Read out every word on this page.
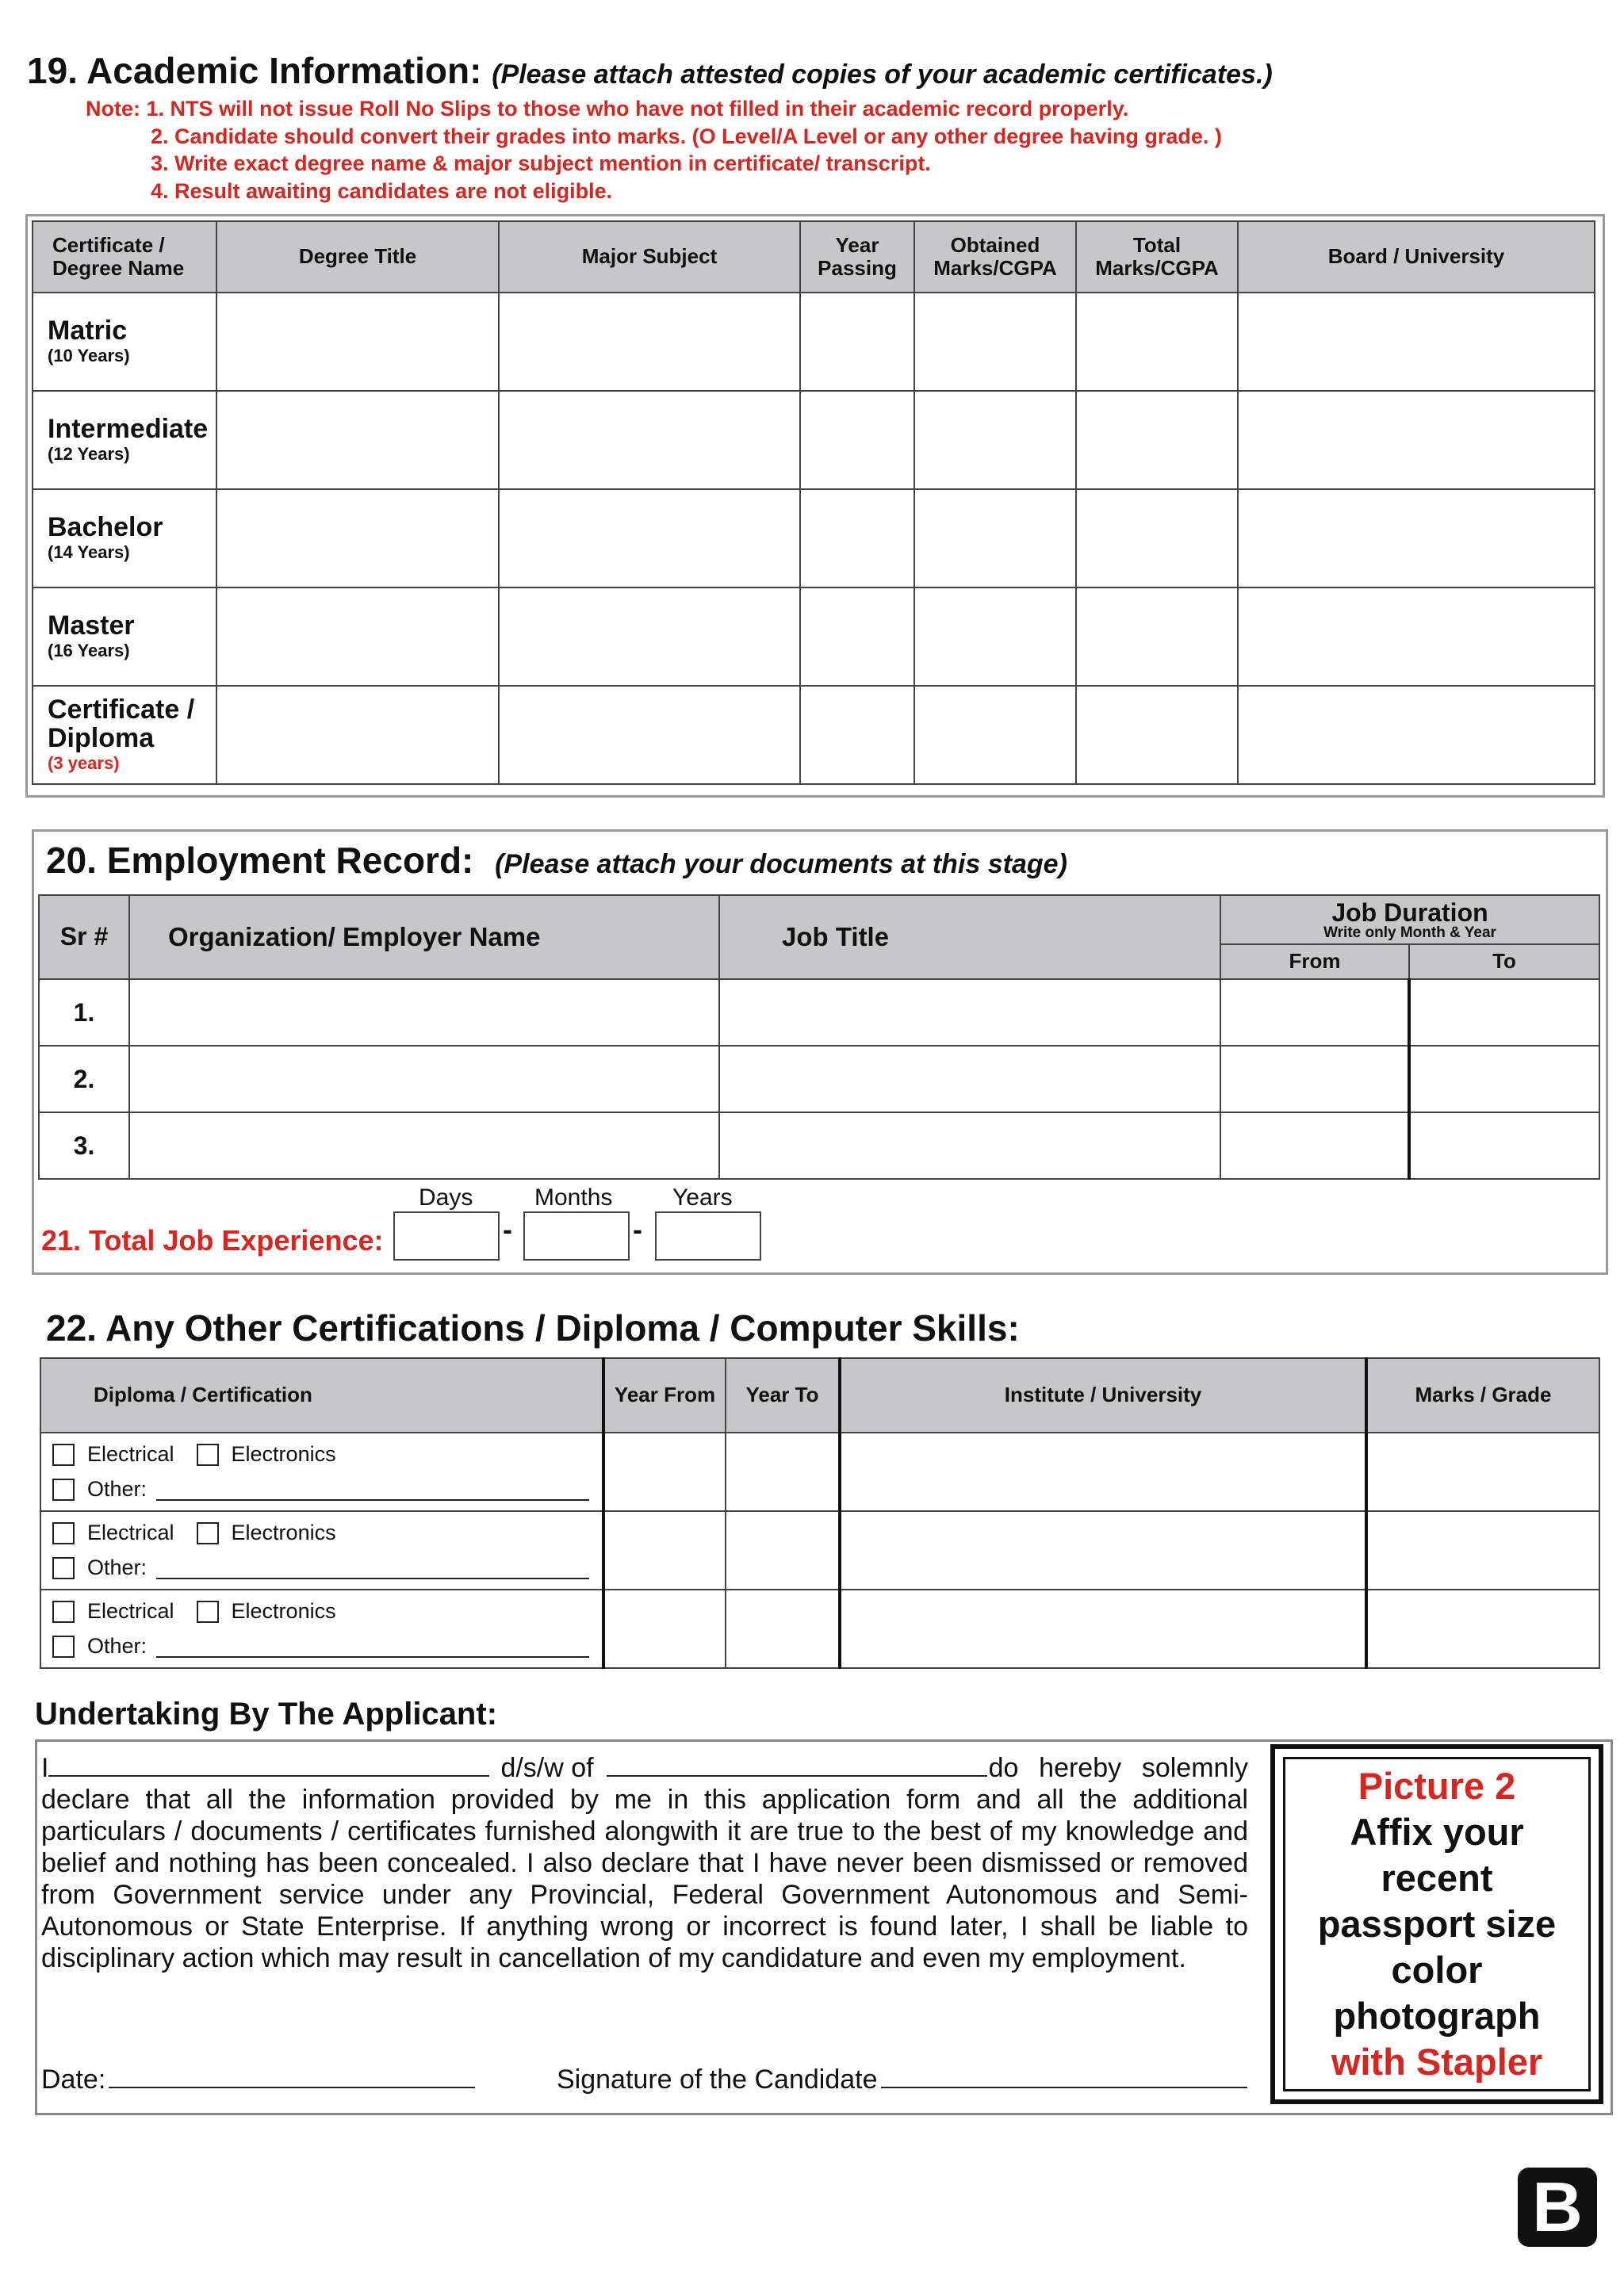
19. Academic Information: (Please attach attested copies of your academic certificates.)
Note: 1. NTS will not issue Roll No Slips to those who have not filled in their academic record properly.
2. Candidate should convert their grades into marks. (O Level/A Level or any other degree having grade. )
3. Write exact degree name & major subject mention in certificate/ transcript.
4. Result awaiting candidates are not eligible.
Certificate / Degree Name	Degree Title	Major Subject	Year Passing	Obtained Marks/CGPA	Total Marks/CGPA	Board / University

Matric
(10 Years)						

Intermediate
(12 Years)						

Bachelor
(14 Years)						

Master
(16 Years)						

Certificate / Diploma
(3 years)						

20. Employment Record: (Please attach your documents at this stage)
Sr #	Organization/ Employer Name	Job Title	Job Duration
Write only Month & Year	

			From	To
1.				
2.				
3.				
Days	Months	Years
21. Total Job Experience:	-	-
22. Any Other Certifications / Diploma / Computer Skills:
Diploma / Certification	Year From	Year To	Institute / University	Marks / Grade

Electrical Electronics
Other:				

Electrical Electronics
Other:				

Electrical Electronics
Other:				

Undertaking By The Applicant:
I	d/s/w of	do hereby solemnly
declare that all the information provided by me in this application form and all the additional particulars / documents / certificates furnished alongwith it are true to the best of my knowledge and belief and nothing has been concealed. I also declare that I have never been dismissed or removed from Government service under any Provincial, Federal Government Autonomous and Semi-Autonomous or State Enterprise. If anything wrong or incorrect is found later, I shall be liable to disciplinary action which may result in cancellation of my candidature and even my employment.
Date:	Signature of the Candidate
Picture 2
Affix your recent passport size color photograph
with Stapler
B
